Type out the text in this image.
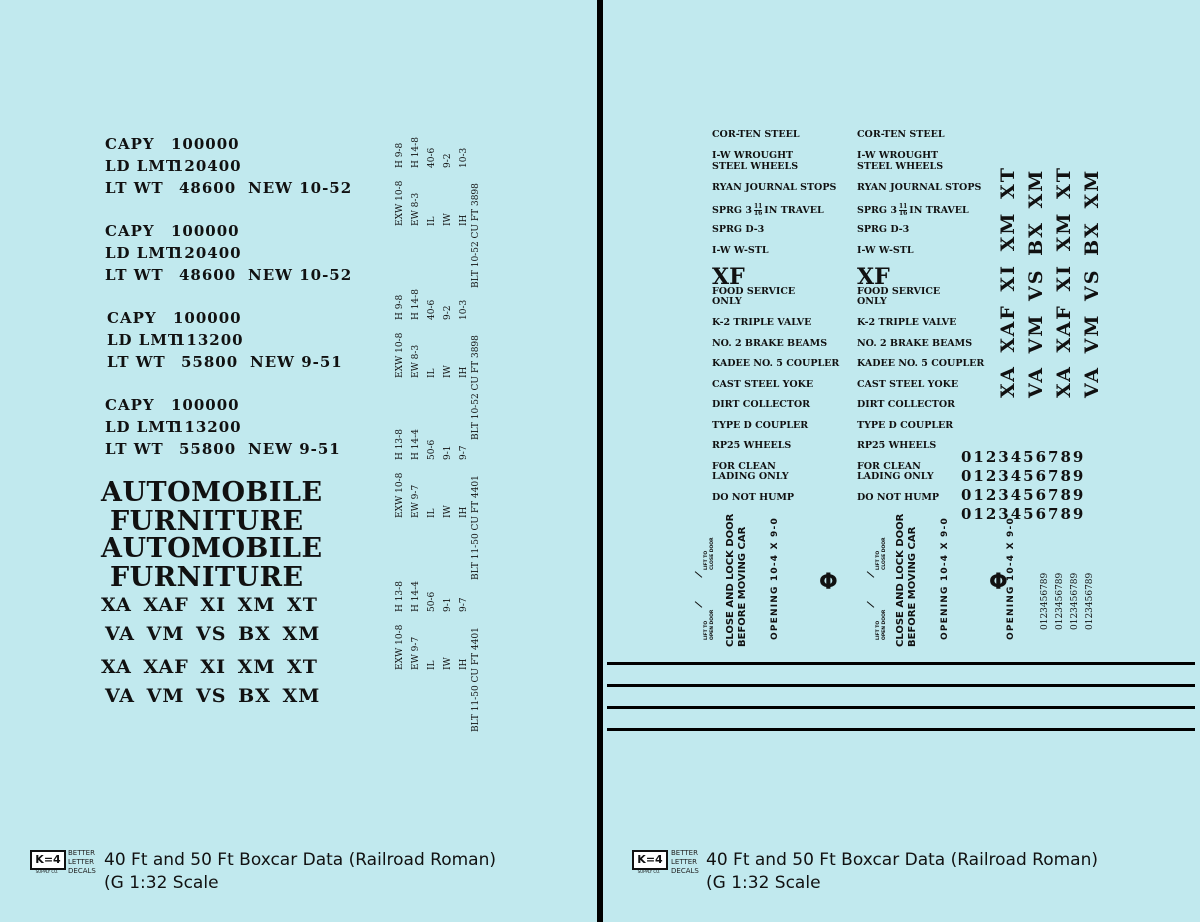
CAPY 100000
LD LMT
120400
LT WT 48600 NEW 10-52
CAPY 100000
LD LMT
120400
LT WT 48600 NEW 10-52
CAPY 100000
LD LMT
113200
LT WT 55800 NEW 9-51
CAPY 100000
LD LMT
113200
LT WT 55800 NEW 9-51
AUTOMOBILE
FURNITURE
AUTOMOBILE
FURNITURE
XA XAF XI XM XT
VA VM VS BX XM
XA XAF XI XM XT
VA VM VS BX XM
EXW 10-8
H 9-8
EW 8-3
H 14-8
IL
40-6
IW
9-2
IH
10-3
BLT 10-52 CU FT 3898
EXW 10-8
H 9-8
EW 8-3
H 14-8
IL
40-6
IW
9-2
IH
10-3
BLT 10-52 CU FT 3898
EXW 10-8
H 13-8
EW 9-7
H 14-4
IL
50-6
IW
9-1
IH
9-7
BLT 11-50 CU FT 4401
EXW 10-8
H 13-8
EW 9-7
H 14-4
IL
50-6
IW
9-1
IH
9-7
BLT 11-50 CU FT 4401
COR-TEN STEEL
I-W WROUGHT
STEEL WHEELS
RYAN JOURNAL STOPS
SPRG $3 \frac{11}{16}$ IN TRAVEL
SPRG D-3
I-W W-STL
XF
FOOD SERVICE
ONLY
K-2 TRIPLE VALVE
NO. 2 BRAKE BEAMS
KADEE NO. 5 COUPLER
CAST STEEL YOKE
DIRT COLLECTOR
TYPE D COUPLER
RP25 WHEELS
FOR CLEAN
LADING ONLY
DO NOT HUMP
COR-TEN STEEL
I-W WROUGHT
STEEL WHEELS
RYAN JOURNAL STOPS
SPRG $3 \frac{11}{16}$ IN TRAVEL
SPRG D-3
I-W W-STL
XF
FOOD SERVICE
ONLY
K-2 TRIPLE VALVE
NO. 2 BRAKE BEAMS
KADEE NO. 5 COUPLER
CAST STEEL YOKE
DIRT COLLECTOR
TYPE D COUPLER
RP25 WHEELS
FOR CLEAN
LADING ONLY
DO NOT HUMP
XA XAF XI XM XT VA VM VS BX XM XA XAF XI XM XT VA VM VS BX XM
0123456789
0123456789
0123456789
0123456789
LIFT TO CLOSE DOOR
LIFT TO OPEN DOOR CLOSE AND LOCK DOOR BEFORE MOVING CAR OPENING 10-4 X 9-0 Φ
LIFT TO CLOSE DOOR
LIFT TO OPEN DOOR CLOSE AND LOCK DOOR BEFORE MOVING CAR OPENING 10-4 X 9-0 Φ
OPENING 10-4 X 9-0	0123456789 0123456789 0123456789 0123456789
K=4
SUPPLY CO.
BETTER
LETTER
DECALS
40 Ft and 50 Ft Boxcar Data (Railroad Roman)
(G 1:32 Scale
K=4
SUPPLY CO.
BETTER
LETTER
DECALS
40 Ft and 50 Ft Boxcar Data (Railroad Roman)
(G 1:32 Scale
